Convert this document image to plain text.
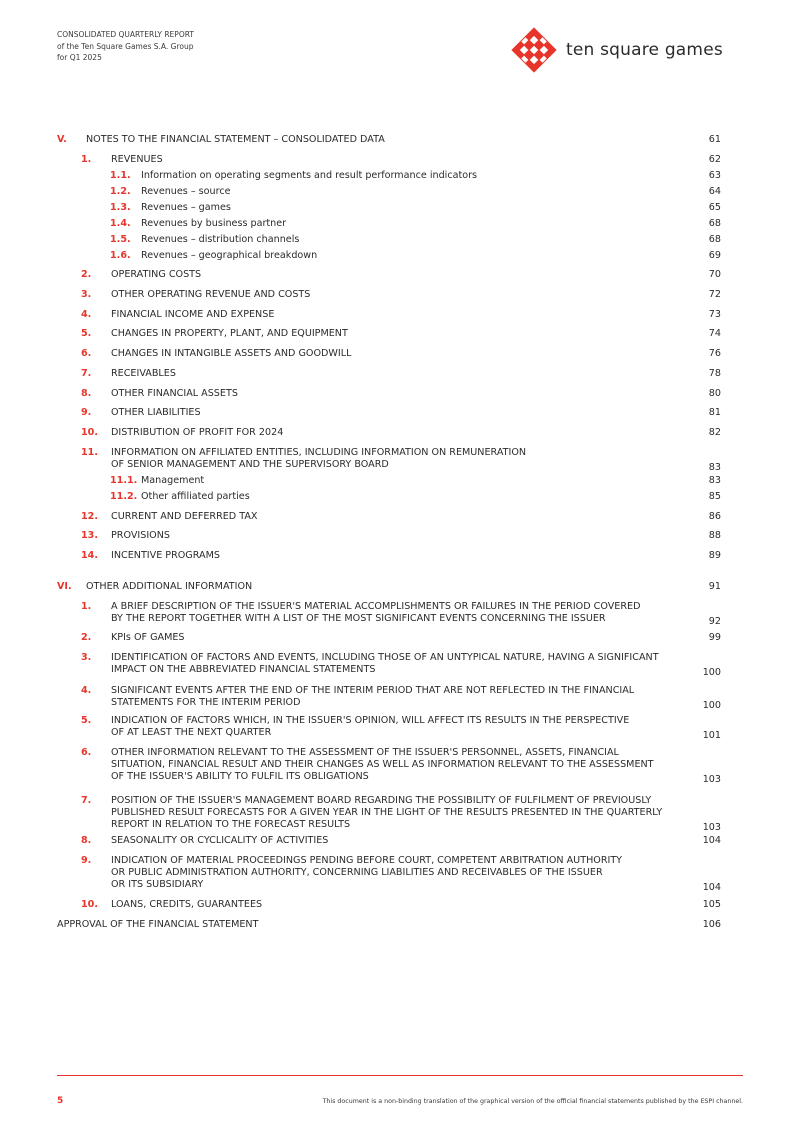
CONSOLIDATED QUARTERLY REPORT
of the Ten Square Games S.A. Group
for Q1 2025	ten square games
V. NOTES TO THE FINANCIAL STATEMENT – CONSOLIDATED DATA	61
1. REVENUES	62
1.1. Information on operating segments and result performance indicators	63
1.2. Revenues – source	64
1.3. Revenues – games	65
1.4. Revenues by business partner	68
1.5. Revenues – distribution channels	68
1.6. Revenues – geographical breakdown	69
2. OPERATING COSTS	70
3. OTHER OPERATING REVENUE AND COSTS	72
4. FINANCIAL INCOME AND EXPENSE	73
5. CHANGES IN PROPERTY, PLANT, AND EQUIPMENT	74
6. CHANGES IN INTANGIBLE ASSETS AND GOODWILL	76
7. RECEIVABLES	78
8. OTHER FINANCIAL ASSETS	80
9. OTHER LIABILITIES	81
10. DISTRIBUTION OF PROFIT FOR 2024	82
11. INFORMATION ON AFFILIATED ENTITIES, INCLUDING INFORMATION ON REMUNERATION
OF SENIOR MANAGEMENT AND THE SUPERVISORY BOARD	83
11.1. Management	83
11.2. Other affiliated parties	85
12. CURRENT AND DEFERRED TAX	86
13. PROVISIONS	88
14. INCENTIVE PROGRAMS	89
VI. OTHER ADDITIONAL INFORMATION	91
1. A BRIEF DESCRIPTION OF THE ISSUER'S MATERIAL ACCOMPLISHMENTS OR FAILURES IN THE PERIOD COVERED
BY THE REPORT TOGETHER WITH A LIST OF THE MOST SIGNIFICANT EVENTS CONCERNING THE ISSUER	92
2. KPIs OF GAMES	99
3. IDENTIFICATION OF FACTORS AND EVENTS, INCLUDING THOSE OF AN UNTYPICAL NATURE, HAVING A SIGNIFICANT
IMPACT ON THE ABBREVIATED FINANCIAL STATEMENTS	100
4. SIGNIFICANT EVENTS AFTER THE END OF THE INTERIM PERIOD THAT ARE NOT REFLECTED IN THE FINANCIAL
STATEMENTS FOR THE INTERIM PERIOD	100
5. INDICATION OF FACTORS WHICH, IN THE ISSUER'S OPINION, WILL AFFECT ITS RESULTS IN THE PERSPECTIVE
OF AT LEAST THE NEXT QUARTER	101
6. OTHER INFORMATION RELEVANT TO THE ASSESSMENT OF THE ISSUER'S PERSONNEL, ASSETS, FINANCIAL
SITUATION, FINANCIAL RESULT AND THEIR CHANGES AS WELL AS INFORMATION RELEVANT TO THE ASSESSMENT
OF THE ISSUER'S ABILITY TO FULFIL ITS OBLIGATIONS	103
7. POSITION OF THE ISSUER'S MANAGEMENT BOARD REGARDING THE POSSIBILITY OF FULFILMENT OF PREVIOUSLY
PUBLISHED RESULT FORECASTS FOR A GIVEN YEAR IN THE LIGHT OF THE RESULTS PRESENTED IN THE QUARTERLY
REPORT IN RELATION TO THE FORECAST RESULTS	103
8. SEASONALITY OR CYCLICALITY OF ACTIVITIES	104
9. INDICATION OF MATERIAL PROCEEDINGS PENDING BEFORE COURT, COMPETENT ARBITRATION AUTHORITY
OR PUBLIC ADMINISTRATION AUTHORITY, CONCERNING LIABILITIES AND RECEIVABLES OF THE ISSUER
OR ITS SUBSIDIARY	104
10. LOANS, CREDITS, GUARANTEES	105
APPROVAL OF THE FINANCIAL STATEMENT	106
5	This document is a non-binding translation of the graphical version of the official financial statements published by the ESPI channel.
